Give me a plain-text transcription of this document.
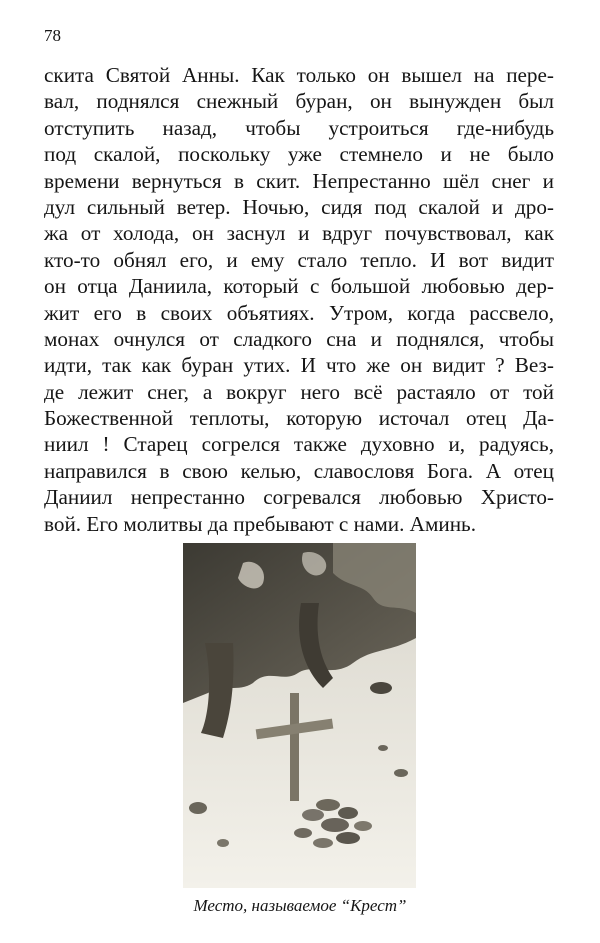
78
скита Святой Анны. Как только он вышел на пере-
вал, поднялся снежный буран, он вынужден был
отступить назад, чтобы устроиться где-нибудь
под скалой, поскольку уже стемнело и не было
времени вернуться в скит. Непрестанно шёл снег и
дул сильный ветер. Ночью, сидя под скалой и дро-
жа от холода, он заснул и вдруг почувствовал, как
кто-то обнял его, и ему стало тепло. И вот видит
он отца Даниила, который с большой любовью дер-
жит его в своих объятиях. Утром, когда рассвело,
монах очнулся от сладкого сна и поднялся, чтобы
идти, так как буран утих. И что же он видит ? Вез-
де лежит снег, а вокруг него всё растаяло от той
Божественной теплоты, которую источал отец Да-
ниил ! Старец согрелся также духовно и, радуясь,
направился в свою келью, славословя Бога. А отец
Даниил непрестанно согревался любовью Христо-
вой. Его молитвы да пребывают с нами. Аминь.
Место, называемое “Крест”
